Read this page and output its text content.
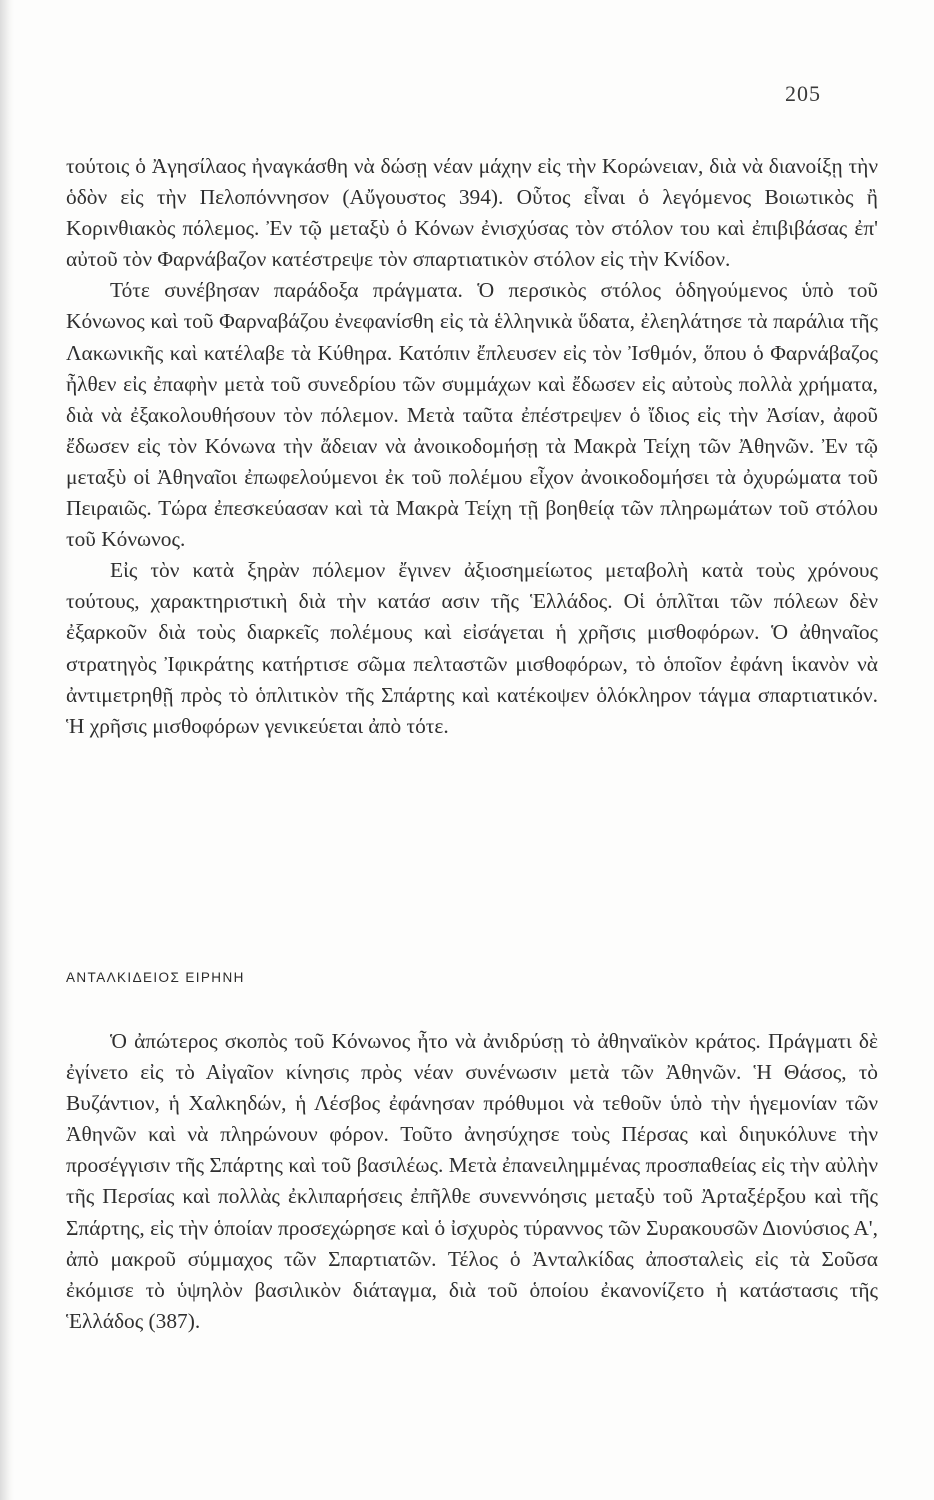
205

τούτοις ὁ Ἀγησίλαος ἠναγκάσθη νὰ δώσῃ νέαν μάχην εἰς τὴν Κορώνειαν, διὰ νὰ διανοίξῃ τὴν ὁδὸν εἰς τὴν Πελοπόννησον (Αὔγουστος 394). Οὗτος εἶναι ὁ λεγόμενος Βοιωτικὸς ἢ Κορινθιακὸς πόλεμος. Ἐν τῷ μεταξὺ ὁ Κόνων ἐνισχύσας τὸν στόλον του καὶ ἐπιβιβάσας ἐπ' αὐτοῦ τὸν Φαρνάβαζον κατέστρεψε τὸν σπαρτιατικὸν στόλον εἰς τὴν Κνίδον.

Τότε συνέβησαν παράδοξα πράγματα. Ὁ περσικὸς στόλος ὁδηγούμενος ὑπὸ τοῦ Κόνωνος καὶ τοῦ Φαρναβάζου ἐνεφανίσθη εἰς τὰ ἑλληνικὰ ὕδατα, ἐλεηλάτησε τὰ παράλια τῆς Λακωνικῆς καὶ κατέλαβε τὰ Κύθηρα. Κατόπιν ἔπλευσεν εἰς τὸν Ἰσθμόν, ὅπου ὁ Φαρνάβαζος ἦλθεν εἰς ἐπαφὴν μετὰ τοῦ συνεδρίου τῶν συμμάχων καὶ ἔδωσεν εἰς αὐτοὺς πολλὰ χρήματα, διὰ νὰ ἐξακολουθήσουν τὸν πόλεμον. Μετὰ ταῦτα ἐπέστρεψεν ὁ ἴδιος εἰς τὴν Ἀσίαν, ἀφοῦ ἔδωσεν εἰς τὸν Κόνωνα τὴν ἄδειαν νὰ ἀνοικοδομήσῃ τὰ Μακρὰ Τείχη τῶν Ἀθηνῶν. Ἐν τῷ μεταξὺ οἱ Ἀθηναῖοι ἐπωφελούμενοι ἐκ τοῦ πολέμου εἶχον ἀνοικοδομήσει τὰ ὀχυρώματα τοῦ Πειραιῶς. Τώρα ἐπεσκεύασαν καὶ τὰ Μακρὰ Τείχη τῇ βοηθείᾳ τῶν πληρωμάτων τοῦ στόλου τοῦ Κόνωνος.

Εἰς τὸν κατὰ ξηρὰν πόλεμον ἔγινεν ἀξιοσημείωτος μεταβολὴ κατὰ τοὺς χρόνους τούτους, χαρακτηριστικὴ διὰ τὴν κατάσ ασιν τῆς Ἑλλάδος. Οἱ ὁπλῖται τῶν πόλεων δὲν ἐξαρκοῦν διὰ τοὺς διαρκεῖς πολέμους καὶ εἰσάγεται ἡ χρῆσις μισθοφόρων. Ὁ ἀθηναῖος στρατηγὸς Ἰφικράτης κατήρτισε σῶμα πελταστῶν μισθοφόρων, τὸ ὁποῖον ἐφάνη ἱκανὸν νὰ ἀντιμετρηθῇ πρὸς τὸ ὁπλιτικὸν τῆς Σπάρτης καὶ κατέκοψεν ὁλόκληρον τάγμα σπαρτιατικόν. Ἡ χρῆσις μισθοφόρων γενικεύεται ἀπὸ τότε.

ΑΝΤΑΛΚΙΔΕΙΟΣ ΕΙΡΗΝΗ

Ὁ ἀπώτερος σκοπὸς τοῦ Κόνωνος ἦτο νὰ ἀνιδρύσῃ τὸ ἀθηναϊκὸν κράτος. Πράγματι δὲ ἐγίνετο εἰς τὸ Αἰγαῖον κίνησις πρὸς νέαν συνένωσιν μετὰ τῶν Ἀθηνῶν. Ἡ Θάσος, τὸ Βυζάντιον, ἡ Χαλκηδών, ἡ Λέσβος ἐφάνησαν πρόθυμοι νὰ τεθοῦν ὑπὸ τὴν ἡγεμονίαν τῶν Ἀθηνῶν καὶ νὰ πληρώνουν φόρον. Τοῦτο ἀνησύχησε τοὺς Πέρσας καὶ διηυκόλυνε τὴν προσέγγισιν τῆς Σπάρτης καὶ τοῦ βασιλέως. Μετὰ ἐπανειλημμένας προσπαθείας εἰς τὴν αὐλὴν τῆς Περσίας καὶ πολλὰς ἐκλιπαρήσεις ἐπῆλθε συνεννόησις μεταξὺ τοῦ Ἀρταξέρξου καὶ τῆς Σπάρτης, εἰς τὴν ὁποίαν προσεχώρησε καὶ ὁ ἰσχυρὸς τύραννος τῶν Συρακουσῶν Διονύσιος Α', ἀπὸ μακροῦ σύμμαχος τῶν Σπαρτιατῶν. Τέλος ὁ Ἀνταλκίδας ἀποσταλεὶς εἰς τὰ Σοῦσα ἐκόμισε τὸ ὑψηλὸν βασιλικὸν διάταγμα, διὰ τοῦ ὁποίου ἐκανονίζετο ἡ κατάστασις τῆς Ἑλλάδος (387).
